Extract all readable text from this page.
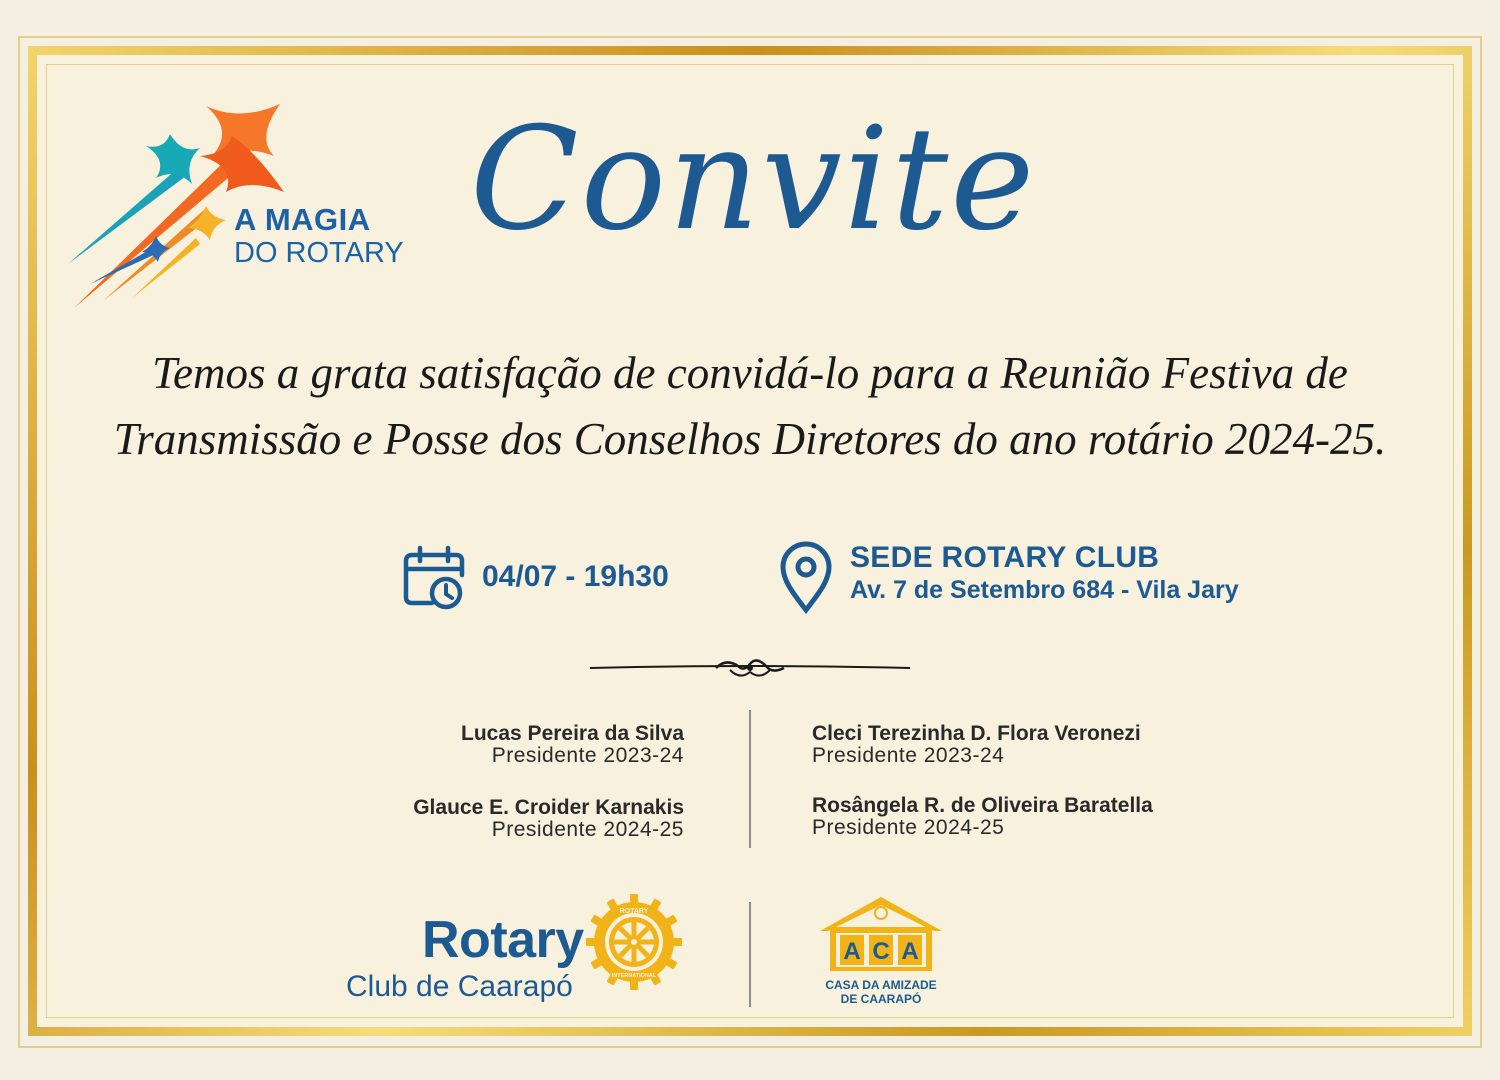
A MAGIA
DO ROTARY Convite
Temos a grata satisfação de convidá-lo para a Reunião Festiva de
Transmissão e Posse dos Conselhos Diretores do ano rotário 2024-25.
04/07 - 19h30
SEDE ROTARY CLUB
Av. 7 de Setembro 684 - Vila Jary
Lucas Pereira da Silva
Presidente 2023-24
Glauce E. Croider Karnakis
Presidente 2024-25
Cleci Terezinha D. Flora Veronezi
Presidente 2023-24
Rosângela R. de Oliveira Baratella
Presidente 2024-25
Rotary
Club de Caarapó
ROTARY
INTERNATIONAL
A C A
CASA DA AMIZADE
DE CAARAPÓ
